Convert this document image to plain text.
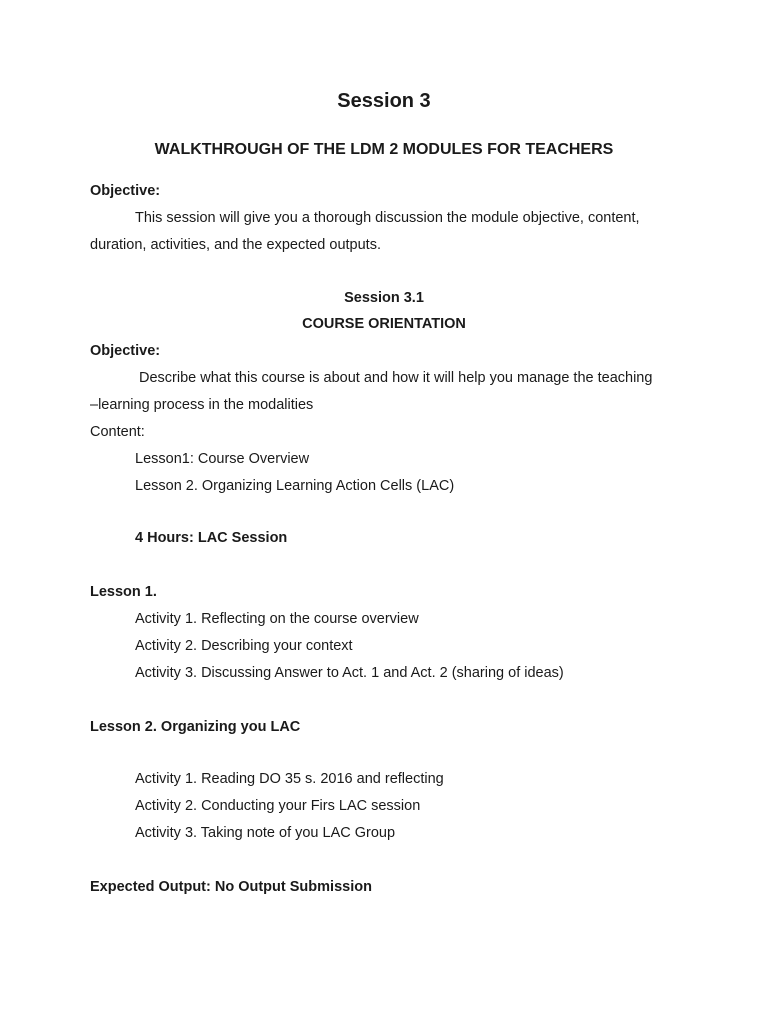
Session 3
WALKTHROUGH OF THE LDM 2 MODULES FOR TEACHERS
Objective:
This session will give you a thorough discussion the module objective, content,
duration, activities, and the expected outputs.
Session 3.1
COURSE ORIENTATION
Objective:
Describe what this course is about and how it will help you manage the teaching
–learning process in the modalities
Content:
Lesson1: Course Overview
Lesson 2. Organizing Learning Action Cells (LAC)
4 Hours: LAC Session
Lesson 1.
Activity 1. Reflecting on the course overview
Activity 2. Describing your context
Activity 3. Discussing Answer to Act. 1 and Act. 2 (sharing of ideas)
Lesson 2. Organizing you LAC
Activity 1. Reading DO 35 s. 2016 and reflecting
Activity 2. Conducting your Firs LAC session
Activity 3. Taking note of you LAC Group
Expected Output: No Output Submission
